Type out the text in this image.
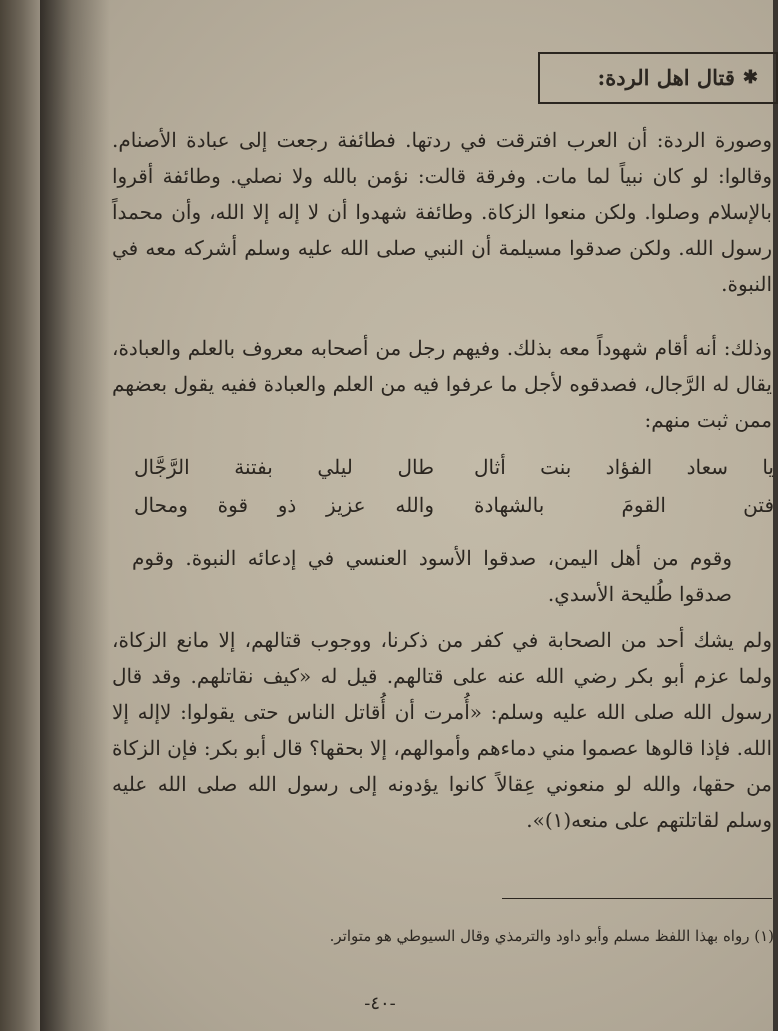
✱
قتال اهل الردة:

وصورة الردة: أن العرب افترقت في ردتها. فطائفة رجعت إلى عبادة الأصنام. وقالوا: لو كان نبياً لما مات. وفرقة قالت: نؤمن بالله ولا نصلي. وطائفة أقروا بالإسلام وصلوا. ولكن منعوا الزكاة. وطائفة شهدوا أن لا إله إلا الله، وأن محمداً رسول الله. ولكن صدقوا مسيلمة أن النبي صلى الله عليه وسلم أشركه معه في النبوة.

وذلك: أنه أقام شهوداً معه بذلك. وفيهم رجل من أصحابه معروف بالعلم والعبادة، يقال له الرَّجال، فصدقوه لأجل ما عرفوا فيه من العلم والعبادة ففيه يقول بعضهم ممن ثبت منهم:

يا سعاد الفؤاد بنت أثال
طال ليلي بفتنة الرَّجَّال
فتن القومَ بالشهادة
والله عزيز ذو قوة ومحال

وقوم من أهل اليمن، صدقوا الأسود العنسي في إدعائه النبوة. وقوم صدقوا طُليحة الأسدي.

ولم يشك أحد من الصحابة في كفر من ذكرنا، ووجوب قتالهم، إلا مانع الزكاة، ولما عزم أبو بكر رضي الله عنه على قتالهم. قيل له «كيف نقاتلهم. وقد قال رسول الله صلى الله عليه وسلم: «أُمرت أن أُقاتل الناس حتى يقولوا: لاإله إلا الله. فإذا قالوها عصموا مني دماءهم وأموالهم، إلا بحقها؟ قال أبو بكر: فإن الزكاة من حقها، والله لو منعوني عِقالاً كانوا يؤدونه إلى رسول الله صلى الله عليه وسلم لقاتلتهم على منعه(١)».

(١) رواه بهذا اللفظ مسلم وأبو داود والترمذي وقال السيوطي هو متواتر.

-٤٠-
